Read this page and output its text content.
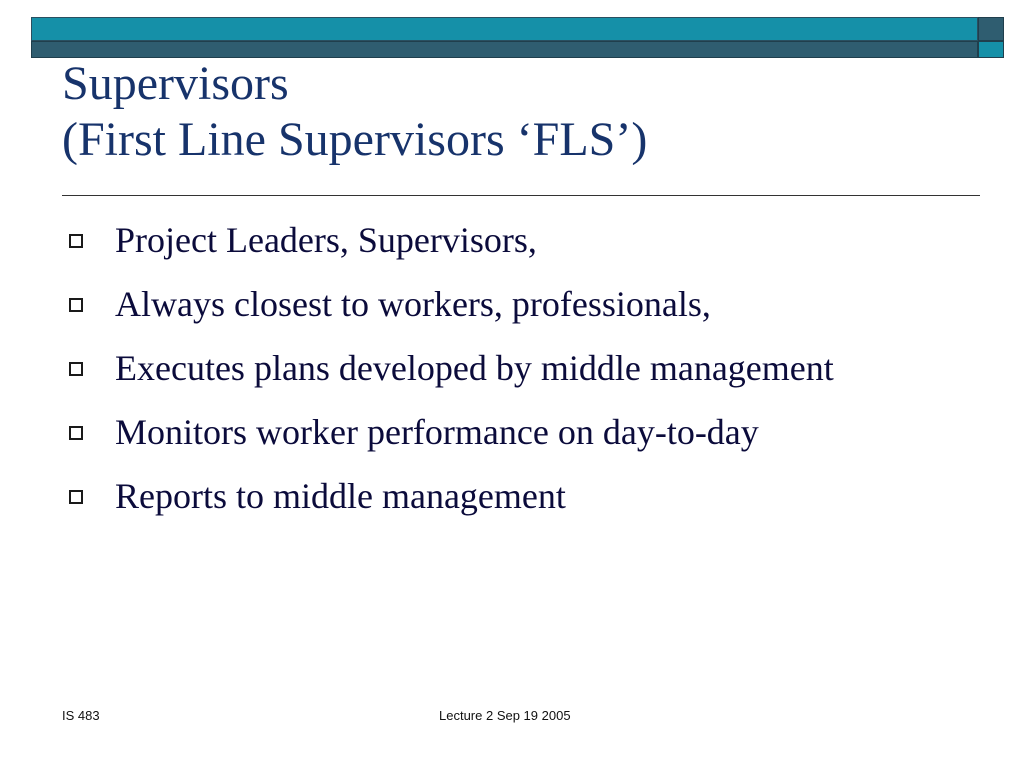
Supervisors
(First Line Supervisors ‘FLS’)
Project Leaders, Supervisors,
Always closest to workers, professionals,
Executes plans developed by middle management
Monitors worker performance on day-to-day
Reports to middle management
IS 483	Lecture 2 Sep 19 2005
